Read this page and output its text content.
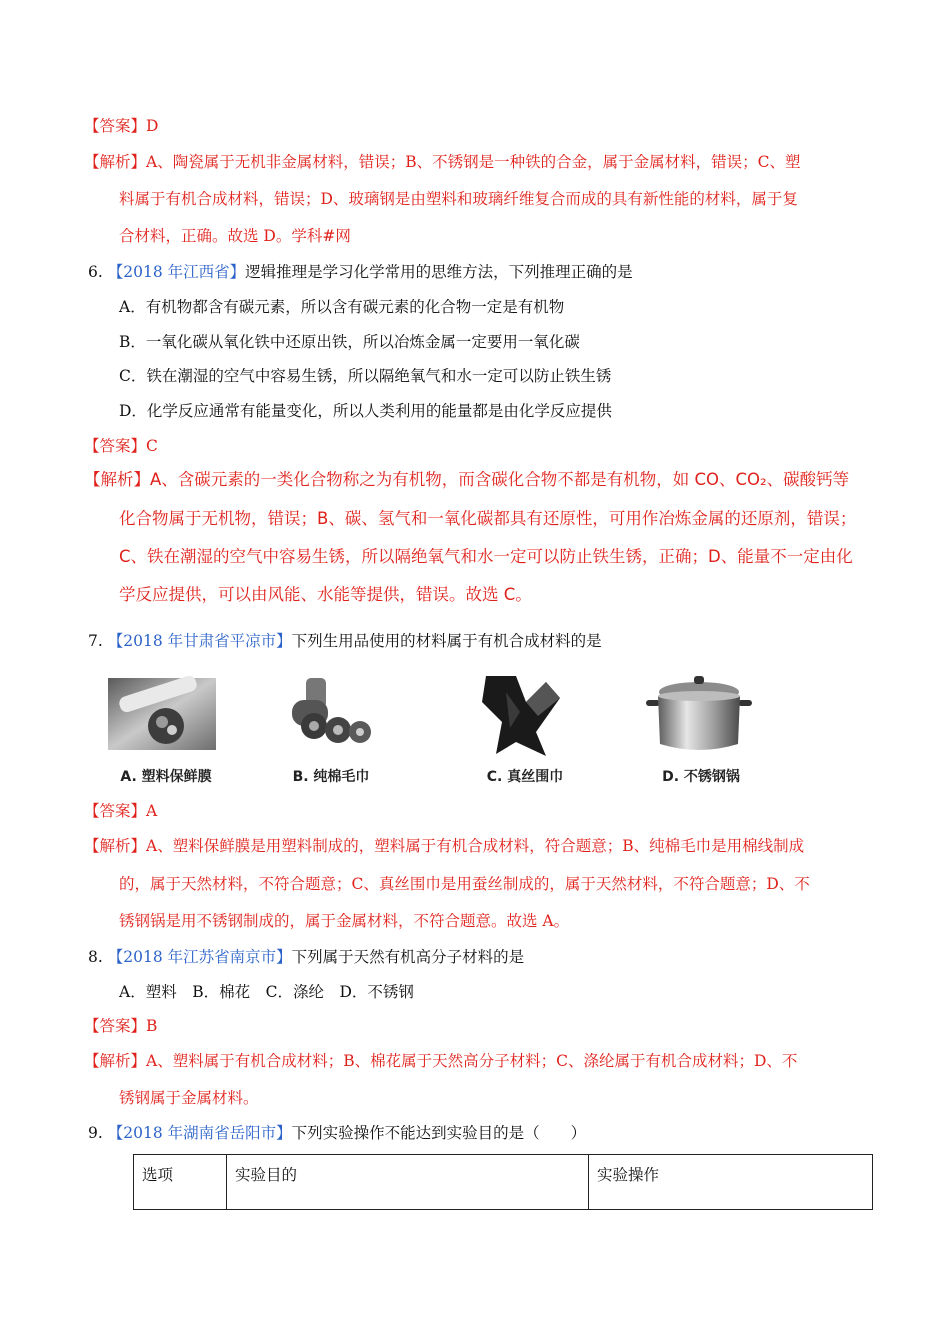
【答案】D
【解析】A、陶瓷属于无机非金属材料，错误；B、不锈钢是一种铁的合金，属于金属材料，错误；C、塑
料属于有机合成材料，错误；D、玻璃钢是由塑料和玻璃纤维复合而成的具有新性能的材料，属于复
合材料，正确。故选 D。学科#网
6. 【2018 年江西省】逻辑推理是学习化学常用的思维方法，下列推理正确的是
A．有机物都含有碳元素，所以含有碳元素的化合物一定是有机物
B．一氧化碳从氧化铁中还原出铁，所以冶炼金属一定要用一氧化碳
C．铁在潮湿的空气中容易生锈，所以隔绝氧气和水一定可以防止铁生锈
D．化学反应通常有能量变化，所以人类利用的能量都是由化学反应提供
【答案】C
【解析】A、含碳元素的一类化合物称之为有机物，而含碳化合物不都是有机物，如 CO、CO₂、碳酸钙等
化合物属于无机物，错误；B、碳、氢气和一氧化碳都具有还原性，可用作冶炼金属的还原剂，错误；
C、铁在潮湿的空气中容易生锈，所以隔绝氧气和水一定可以防止铁生锈，正确；D、能量不一定由化
学反应提供，可以由风能、水能等提供，错误。故选 C。
7. 【2018 年甘肃省平凉市】下列生用品使用的材料属于有机合成材料的是
A. 塑料保鲜膜	B. 纯棉毛巾	C. 真丝围巾	D. 不锈钢锅
【答案】A
【解析】A、塑料保鲜膜是用塑料制成的，塑料属于有机合成材料，符合题意；B、纯棉毛巾是用棉线制成
的，属于天然材料，不符合题意；C、真丝围巾是用蚕丝制成的，属于天然材料，不符合题意；D、不
锈钢锅是用不锈钢制成的，属于金属材料，不符合题意。故选 A。
8. 【2018 年江苏省南京市】下列属于天然有机高分子材料的是
A．塑料　B．棉花　C．涤纶　D．不锈钢
【答案】B
【解析】A、塑料属于有机合成材料；B、棉花属于天然高分子材料；C、涤纶属于有机合成材料；D、不
锈钢属于金属材料。
9. 【2018 年湖南省岳阳市】下列实验操作不能达到实验目的是（　　）
选项	实验目的	实验操作
